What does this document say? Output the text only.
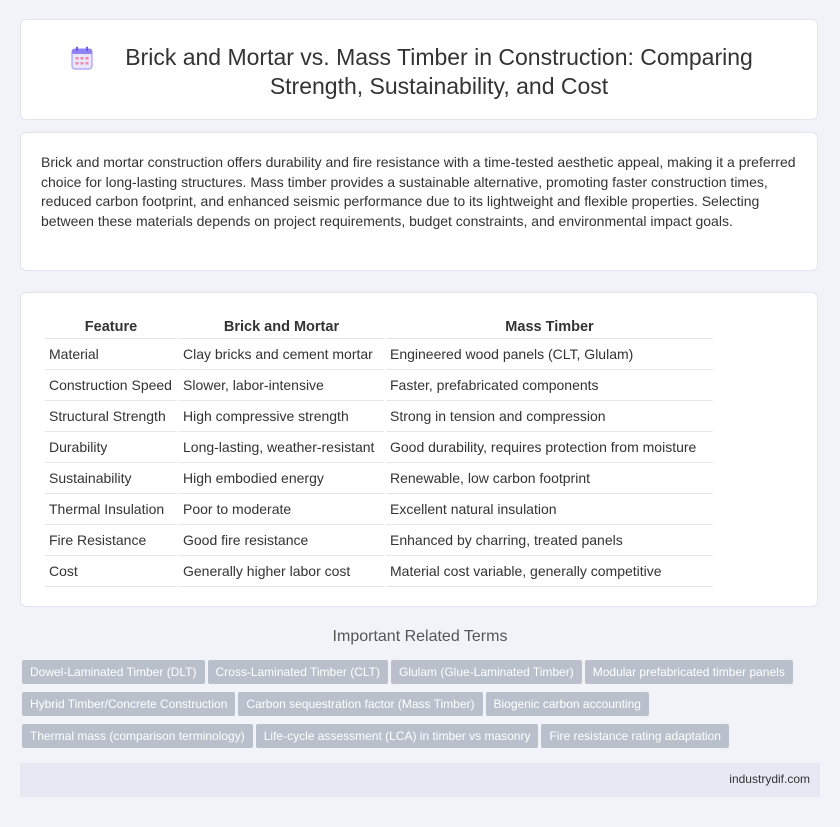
Brick and Mortar vs. Mass Timber in Construction: Comparing Strength, Sustainability, and Cost

Brick and mortar construction offers durability and fire resistance with a time-tested aesthetic appeal, making it a preferred choice for long-lasting structures. Mass timber provides a sustainable alternative, promoting faster construction times, reduced carbon footprint, and enhanced seismic performance due to its lightweight and flexible properties. Selecting between these materials depends on project requirements, budget constraints, and environmental impact goals.

Feature	Brick and Mortar	Mass Timber
Material	Clay bricks and cement mortar	Engineered wood panels (CLT, Glulam)
Construction Speed	Slower, labor-intensive	Faster, prefabricated components
Structural Strength	High compressive strength	Strong in tension and compression
Durability	Long-lasting, weather-resistant	Good durability, requires protection from moisture
Sustainability	High embodied energy	Renewable, low carbon footprint
Thermal Insulation	Poor to moderate	Excellent natural insulation
Fire Resistance	Good fire resistance	Enhanced by charring, treated panels
Cost	Generally higher labor cost	Material cost variable, generally competitive
Important Related Terms
Dowel-Laminated Timber (DLT) Cross-Laminated Timber (CLT) Glulam (Glue-Laminated Timber) Modular prefabricated timber panels
Hybrid Timber/Concrete Construction Carbon sequestration factor (Mass Timber) Biogenic carbon accounting
Thermal mass (comparison terminology) Life-cycle assessment (LCA) in timber vs masonry Fire resistance rating adaptation
industrydif.com
